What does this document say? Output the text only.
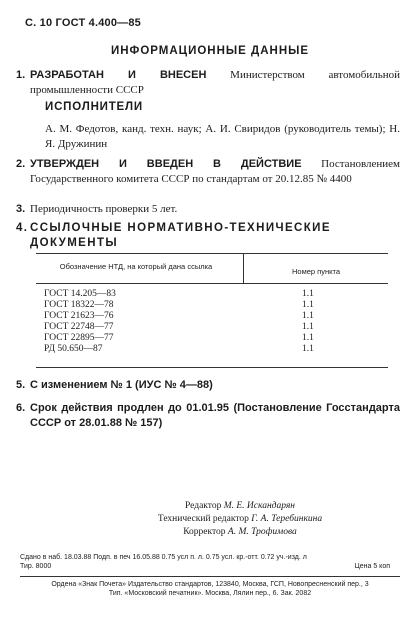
С. 10 ГОСТ 4.400—85
ИНФОРМАЦИОННЫЕ ДАННЫЕ
1. РАЗРАБОТАН И ВНЕСЕН Министерством автомобильной промышленности СССР
ИСПОЛНИТЕЛИ
А. М. Федотов, канд. техн. наук; А. И. Свиридов (руководитель темы); Н. Я. Дружинин
2. УТВЕРЖДЕН И ВВЕДЕН В ДЕЙСТВИЕ Постановлением Государственного комитета СССР по стандартам от 20.12.85 № 4400
3. Периодичность проверки 5 лет.
4. ССЫЛОЧНЫЕ НОРМАТИВНО-ТЕХНИЧЕСКИЕ ДОКУМЕНТЫ
Обозначение НТД, на который дана ссылка
Номер пункта
ГОСТ 14.205—83	1.1
ГОСТ 18322—78	1.1
ГОСТ 21623—76	1.1
ГОСТ 22748—77	1.1
ГОСТ 22895—77	1.1
РД 50.650—87	1.1
5. С изменением № 1 (ИУС № 4—88)
6. Срок действия продлен до 01.01.95 (Постановление Госстандарта СССР от 28.01.88 № 157)
Редактор М. Е. Искандарян
Технический редактор Г. А. Теребинкина
Корректор А. М. Трофимова
Сдано в наб. 18.03.88 Подп. в печ 16.05.88 0.75 усл п. л. 0.75 усл. кр.-отт. 0.72 уч.-изд. л
Тир. 8000	Цена 5 коп
Ордена «Знак Почета» Издательство стандартов, 123840, Москва, ГСП, Новопресненский пер., 3
Тип. «Московский печатник». Москва, Лялин пер., 6. Зак. 2082
